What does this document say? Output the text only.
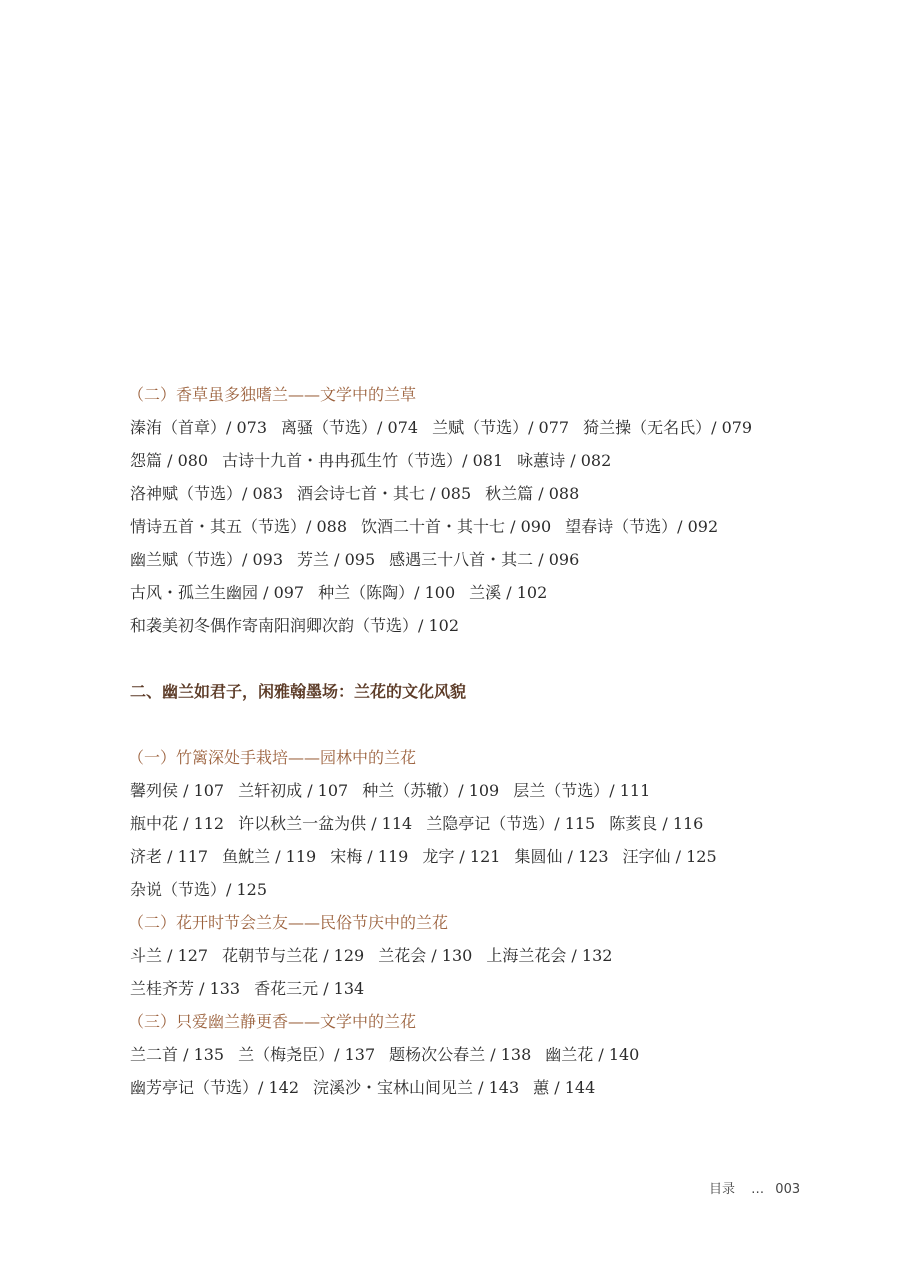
（二）香草虽多独嗜兰——文学中的兰草
溱洧（首章）/ 073 离骚（节选）/ 074 兰赋（节选）/ 077 猗兰操（无名氏）/ 079
怨篇 / 080 古诗十九首・冉冉孤生竹（节选）/ 081 咏蕙诗 / 082
洛神赋（节选）/ 083 酒会诗七首・其七 / 085 秋兰篇 / 088
情诗五首・其五（节选）/ 088 饮酒二十首・其十七 / 090 望春诗（节选）/ 092
幽兰赋（节选）/ 093 芳兰 / 095 感遇三十八首・其二 / 096
古风・孤兰生幽园 / 097 种兰（陈陶）/ 100 兰溪 / 102
和袭美初冬偶作寄南阳润卿次韵（节选）/ 102
二、幽兰如君子，闲雅翰墨场：兰花的文化风貌
（一）竹篱深处手栽培——园林中的兰花
馨列侯 / 107 兰轩初成 / 107 种兰（苏辙）/ 109 层兰（节选）/ 111
瓶中花 / 112 许以秋兰一盆为供 / 114 兰隐亭记（节选）/ 115 陈荄良 / 116
济老 / 117 鱼魫兰 / 119 宋梅 / 119 龙字 / 121 集圆仙 / 123 汪字仙 / 125
杂说（节选）/ 125
（二）花开时节会兰友——民俗节庆中的兰花
斗兰 / 127 花朝节与兰花 / 129 兰花会 / 130 上海兰花会 / 132
兰桂齐芳 / 133 香花三元 / 134
（三）只爱幽兰静更香——文学中的兰花
兰二首 / 135 兰（梅尧臣）/ 137 题杨次公春兰 / 138 幽兰花 / 140
幽芳亭记（节选）/ 142 浣溪沙・宝林山间见兰 / 143 蕙 / 144
目录 … 003
